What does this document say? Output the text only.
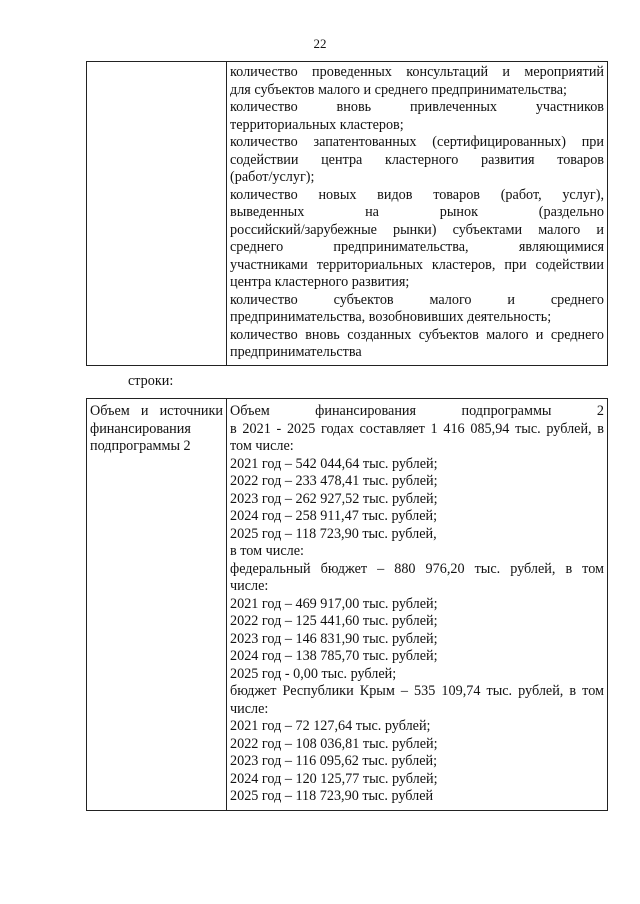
22

количество проведенных консультаций и мероприятий
для субъектов малого и среднего предпринимательства;
количество вновь привлеченных участников
территориальных кластеров;
количество запатентованных (сертифицированных) при
содействии центра кластерного развития товаров
(работ/услуг);
количество новых видов товаров (работ, услуг),
выведенных на рынок (раздельно
российский/зарубежные рынки) субъектами малого и
среднего предпринимательства, являющимися
участниками территориальных кластеров, при содействии
центра кластерного развития;
количество субъектов малого и среднего
предпринимательства, возобновивших деятельность;
количество вновь созданных субъектов малого и среднего
предпринимательства
строки:
Объем и источники
финансирования
подпрограммы 2

Объем финансирования подпрограммы 2
в 2021 - 2025 годах составляет 1 416 085,94 тыс. рублей, в
том числе:
2021 год – 542 044,64 тыс. рублей;
2022 год – 233 478,41 тыс. рублей;
2023 год – 262 927,52 тыс. рублей;
2024 год – 258 911,47 тыс. рублей;
2025 год – 118 723,90 тыс. рублей,
в том числе:
федеральный бюджет – 880 976,20 тыс. рублей, в том
числе:
2021 год – 469 917,00 тыс. рублей;
2022 год – 125 441,60 тыс. рублей;
2023 год – 146 831,90 тыс. рублей;
2024 год – 138 785,70 тыс. рублей;
2025 год - 0,00 тыс. рублей;
бюджет Республики Крым – 535 109,74 тыс. рублей, в том
числе:
2021 год – 72 127,64 тыс. рублей;
2022 год – 108 036,81 тыс. рублей;
2023 год – 116 095,62 тыс. рублей;
2024 год – 120 125,77 тыс. рублей;
2025 год – 118 723,90 тыс. рублей
